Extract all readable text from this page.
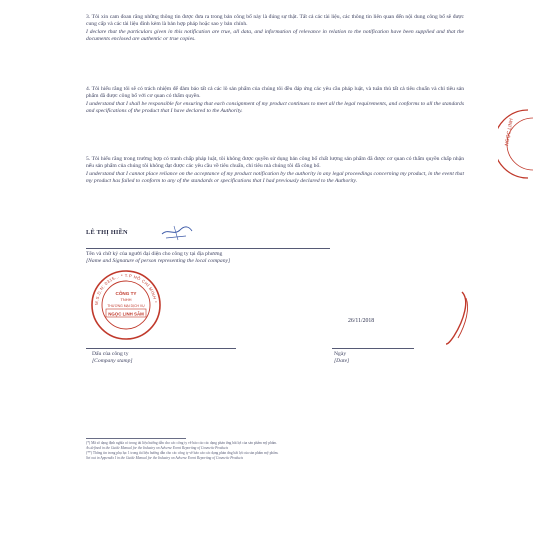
3. Tôi xin cam đoan rằng những thông tin được đưa ra trong bản công bố này là đúng sự thật. Tất cả các tài liệu, các thông tin liên quan đến nội dung công bố sẽ được cung cấp và các tài liệu đính kèm là bản hợp pháp hoặc sao y bản chính.
I declare that the particulars given in this notification are true, all data, and information of relevance in relation to the notification have been supplied and that the documents enclosed are authentic or true copies.
4. Tôi hiểu rằng tôi sẽ có trách nhiệm để đảm bảo tất cả các lô sản phẩm của chúng tôi đều đáp ứng các yêu cầu pháp luật, và tuân thủ tất cả tiêu chuẩn và chỉ tiêu sản phẩm đã được công bố với cơ quan có thẩm quyền.
I understand that I shall be responsible for ensuring that each consignment of my product continues to meet all the legal requirements, and conforms to all the standards and specifications of the product that I have declared to the Authority.
5. Tôi hiểu rằng trong trường hợp có tranh chấp pháp luật, tôi không được quyền sử dụng bản công bố chất lượng sản phẩm đã được cơ quan có thẩm quyền chấp nhận nếu sản phẩm của chúng tôi không đạt được các yêu cầu về tiêu chuẩn, chỉ tiêu mà chúng tôi đã công bố.
I understand that I cannot place reliance on the acceptance of my product notification by the authority in any legal proceedings concerning my product, in the event that my product has failed to conform to any of the standards or specifications that I had previously declared to the Authority.
NGỌC LINH
LÊ THỊ HIỀN
Tên và chữ ký của người đại diện cho công ty tại địa phương
[Name and Signature of person representing the local company]
M.S.D.N: 0315... * T.P HỒ CHÍ MINH *
CÔNG TY
TNHH
THƯƠNG MẠI DỊCH VỤ
NGỌC LINH SÂM
26/11/2018
Dấu của công ty
[Company stamp]
Ngày
[Date]
(*) Mã số dạng định nghĩa có trong tài liệu hướng dẫn cho các công ty về báo cáo các dạng phản ứng bất lợi của sản phẩm mỹ phẩm.
As defined in the Guide Manual for the Industry on Adverse Event Reporting of Cosmetic Products
(**) Thông tin trong phụ lục 1 trong tài liệu hướng dẫn cho các công ty về báo cáo các dạng phản ứng bất lợi của sản phẩm mỹ phẩm.
Set out in Appendix I in the Guide Manual for the Industry on Adverse Event Reporting of Cosmetic Products
